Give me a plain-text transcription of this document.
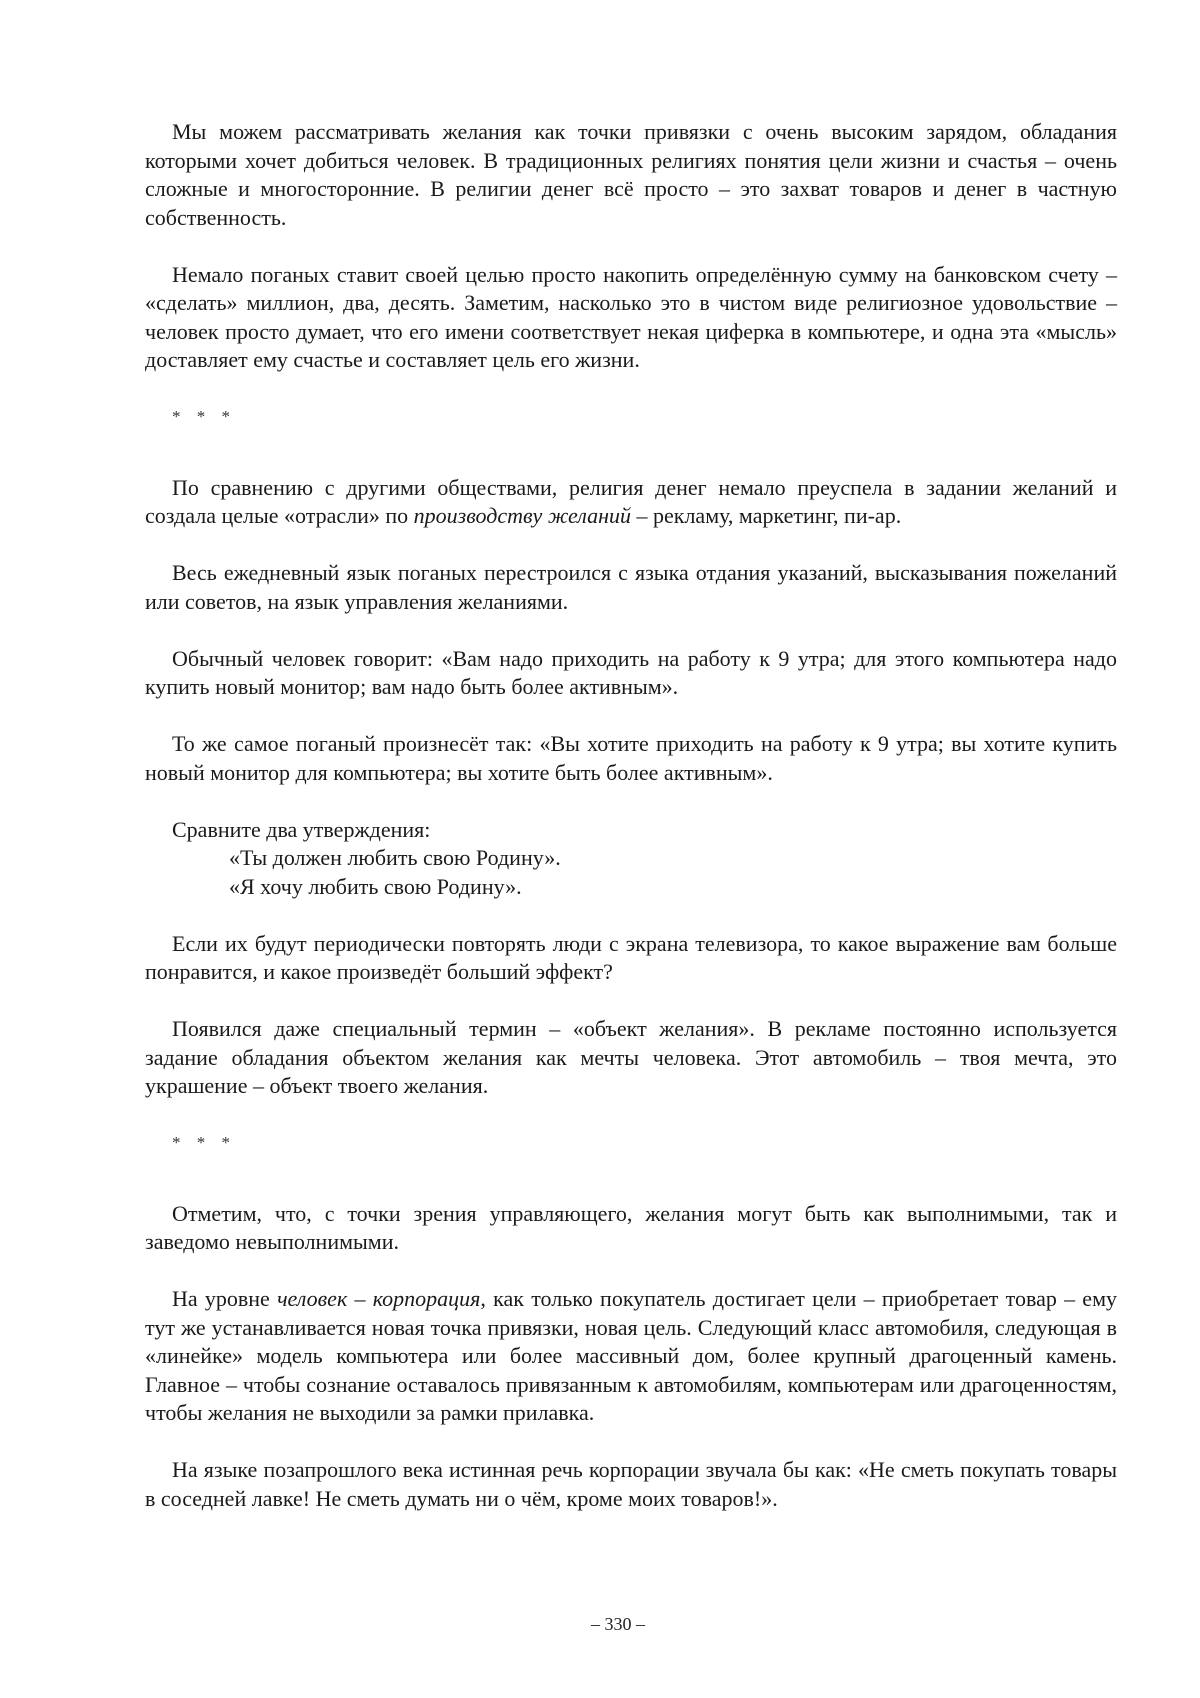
Мы можем рассматривать желания как точки привязки с очень высоким зарядом, обладания которыми хочет добиться человек. В традиционных религиях понятия цели жизни и счастья – очень сложные и многосторонние. В религии денег всё просто – это захват товаров и денег в частную собственность.

Немало поганых ставит своей целью просто накопить определённую сумму на банковском счету – «сделать» миллион, два, десять. Заметим, насколько это в чистом виде религиозное удовольствие – человек просто думает, что его имени соответствует некая циферка в компьютере, и одна эта «мысль» доставляет ему счастье и составляет цель его жизни.

* * *

По сравнению с другими обществами, религия денег немало преуспела в задании желаний и создала целые «отрасли» по производству желаний – рекламу, маркетинг, пи-ар.

Весь ежедневный язык поганых перестроился с языка отдания указаний, высказывания пожеланий или советов, на язык управления желаниями.

Обычный человек говорит: «Вам надо приходить на работу к 9 утра; для этого компьютера надо купить новый монитор; вам надо быть более активным».

То же самое поганый произнесёт так: «Вы хотите приходить на работу к 9 утра; вы хотите купить новый монитор для компьютера; вы хотите быть более активным».

Сравните два утверждения:

«Ты должен любить свою Родину».

«Я хочу любить свою Родину».

Если их будут периодически повторять люди с экрана телевизора, то какое выражение вам больше понравится, и какое произведёт больший эффект?

Появился даже специальный термин – «объект желания». В рекламе постоянно используется задание обладания объектом желания как мечты человека. Этот автомобиль – твоя мечта, это украшение – объект твоего желания.

* * *

Отметим, что, с точки зрения управляющего, желания могут быть как выполнимыми, так и заведомо невыполнимыми.

На уровне человек – корпорация, как только покупатель достигает цели – приобретает товар – ему тут же устанавливается новая точка привязки, новая цель. Следующий класс автомобиля, следующая в «линейке» модель компьютера или более массивный дом, более крупный драгоценный камень. Главное – чтобы сознание оставалось привязанным к автомобилям, компьютерам или драгоценностям, чтобы желания не выходили за рамки прилавка.

На языке позапрошлого века истинная речь корпорации звучала бы как: «Не сметь покупать товары в соседней лавке! Не сметь думать ни о чём, кроме моих товаров!».

– 330 –
